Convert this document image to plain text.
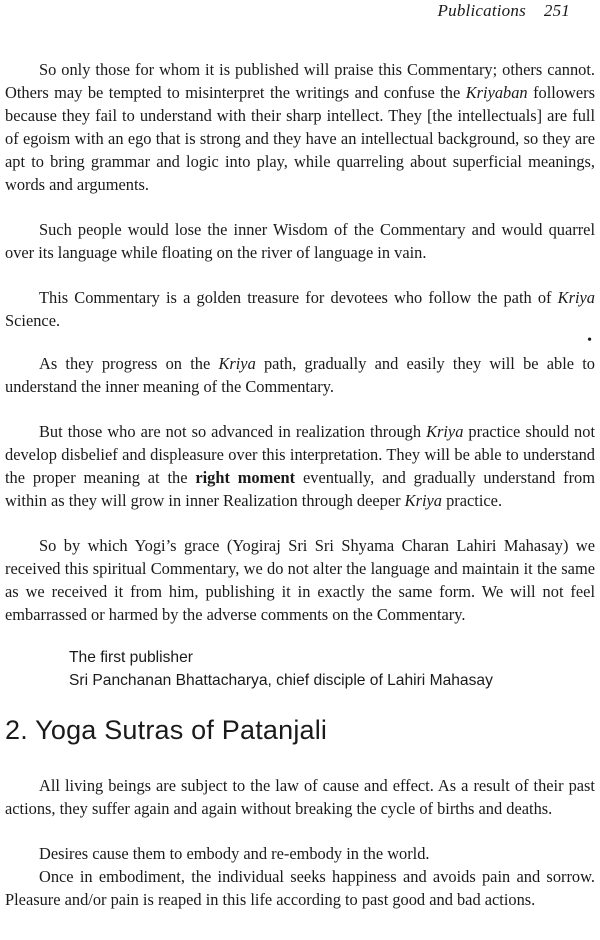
Publications 251

So only those for whom it is published will praise this Commentary; others cannot. Others may be tempted to misinterpret the writings and confuse the Kriyaban followers because they fail to understand with their sharp intellect. They [the intellectuals] are full of egoism with an ego that is strong and they have an intellectual background, so they are apt to bring grammar and logic into play, while quarreling about superficial meanings, words and arguments.

Such people would lose the inner Wisdom of the Commentary and would quarrel over its language while floating on the river of language in vain.

This Commentary is a golden treasure for devotees who follow the path of Kriya Science.

•

As they progress on the Kriya path, gradually and easily they will be able to understand the inner meaning of the Commentary.

But those who are not so advanced in realization through Kriya practice should not develop disbelief and displeasure over this interpretation. They will be able to understand the proper meaning at the right moment eventually, and gradually understand from within as they will grow in inner Realization through deeper Kriya practice.

So by which Yogi’s grace (Yogiraj Sri Sri Shyama Charan Lahiri Mahasay) we received this spiritual Commentary, we do not alter the language and maintain it the same as we received it from him, publishing it in exactly the same form. We will not feel embarrassed or harmed by the adverse comments on the Commentary.

The first publisher
Sri Panchanan Bhattacharya, chief disciple of Lahiri Mahasay
2. Yoga Sutras of Patanjali

All living beings are subject to the law of cause and effect. As a result of their past actions, they suffer again and again without breaking the cycle of births and deaths.

Desires cause them to embody and re-embody in the world.

Once in embodiment, the individual seeks happiness and avoids pain and sorrow. Pleasure and/or pain is reaped in this life according to past good and bad actions.
